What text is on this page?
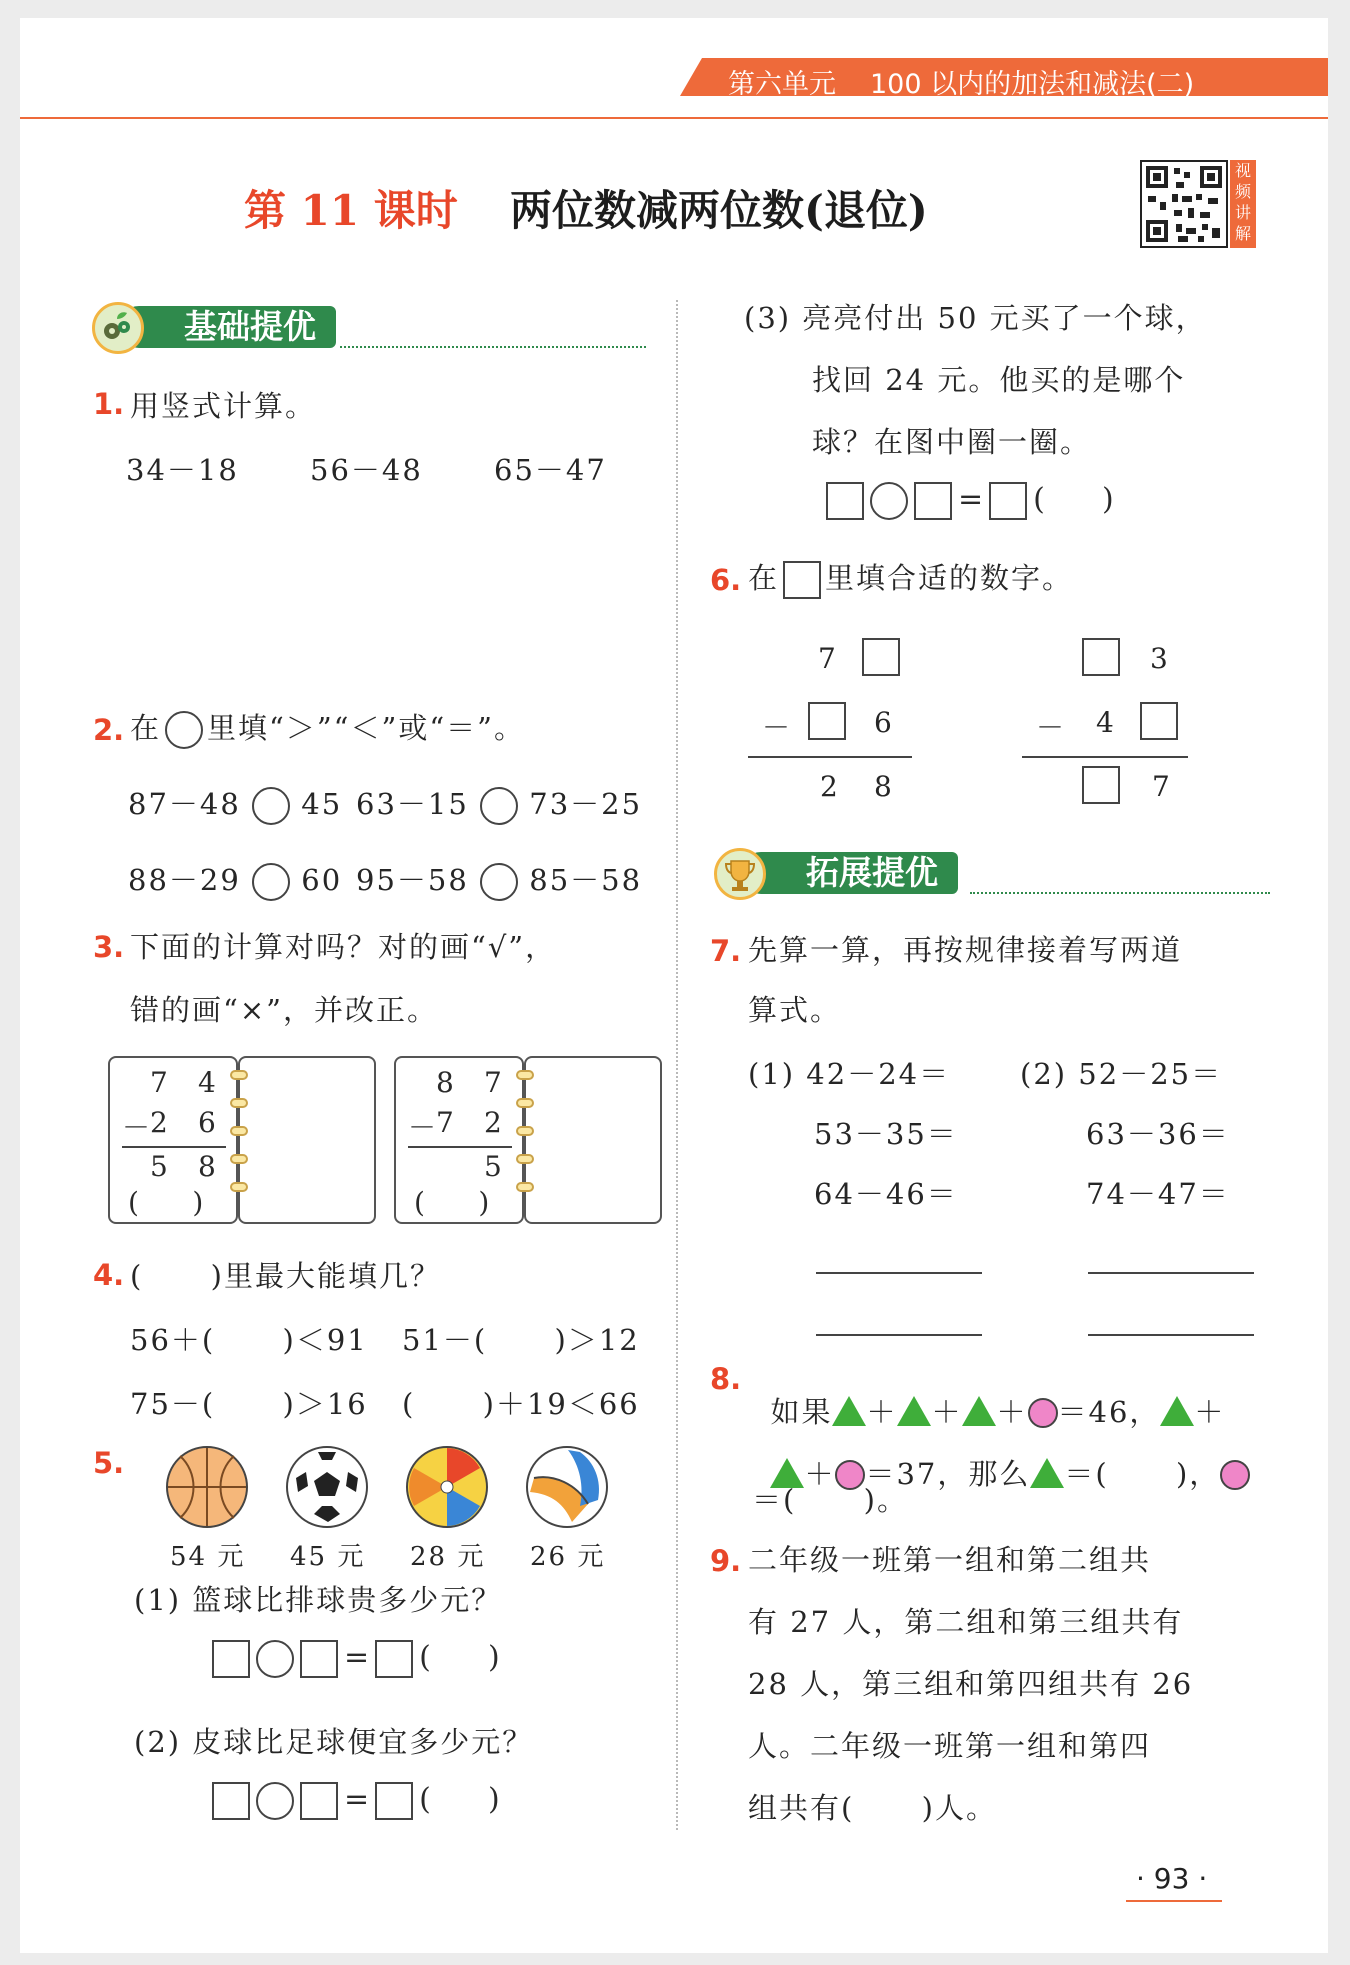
第六单元 100 以内的加法和减法(二)
第 11 课时 两位数减两位数(退位)
视频讲解
基础提优
1. 用竖式计算。
34－18 56－48 65－47
2. 在 里填“＞”“＜”或“＝”。
87－48 45 63－15 73－25
88－29 60 95－58 85－58
3. 下面的计算对吗？对的画“√”，
错的画“×”，并改正。
7 4
－ 2 6
5 8
(      )
8 7
－ 7 2
5
(      )
4. (      )里最大能填几？
56＋(      )＜91 51－(      )＞12
75－(      )＞16 (      )＋19＜66
5.
54 元 45 元 28 元 26 元
(1) 篮球比排球贵多少元？
= (      )
(2) 皮球比足球便宜多少元？
= (      )
(3) 亮亮付出 50 元买了一个球，
找回 24 元。他买的是哪个
球？在图中圈一圈。
= (      )
6. 在 里填合适的数字。
7
－	6
2 8
3
－ 4
7
拓展提优
7. 先算一算，再按规律接着写两道
算式。
(1) 42－24＝
53－35＝
64－46＝
(2) 52－25＝
63－36＝
74－47＝
8.

如果 ＋ ＋ ＋ ＝46， ＋

＋ ＝37，那么 ＝(      )，

＝(      )。
9. 二年级一班第一组和第二组共
有 27 人，第二组和第三组共有
28 人，第三组和第四组共有 26
人。二年级一班第一组和第四
组共有(      )人。
· 93 ·
